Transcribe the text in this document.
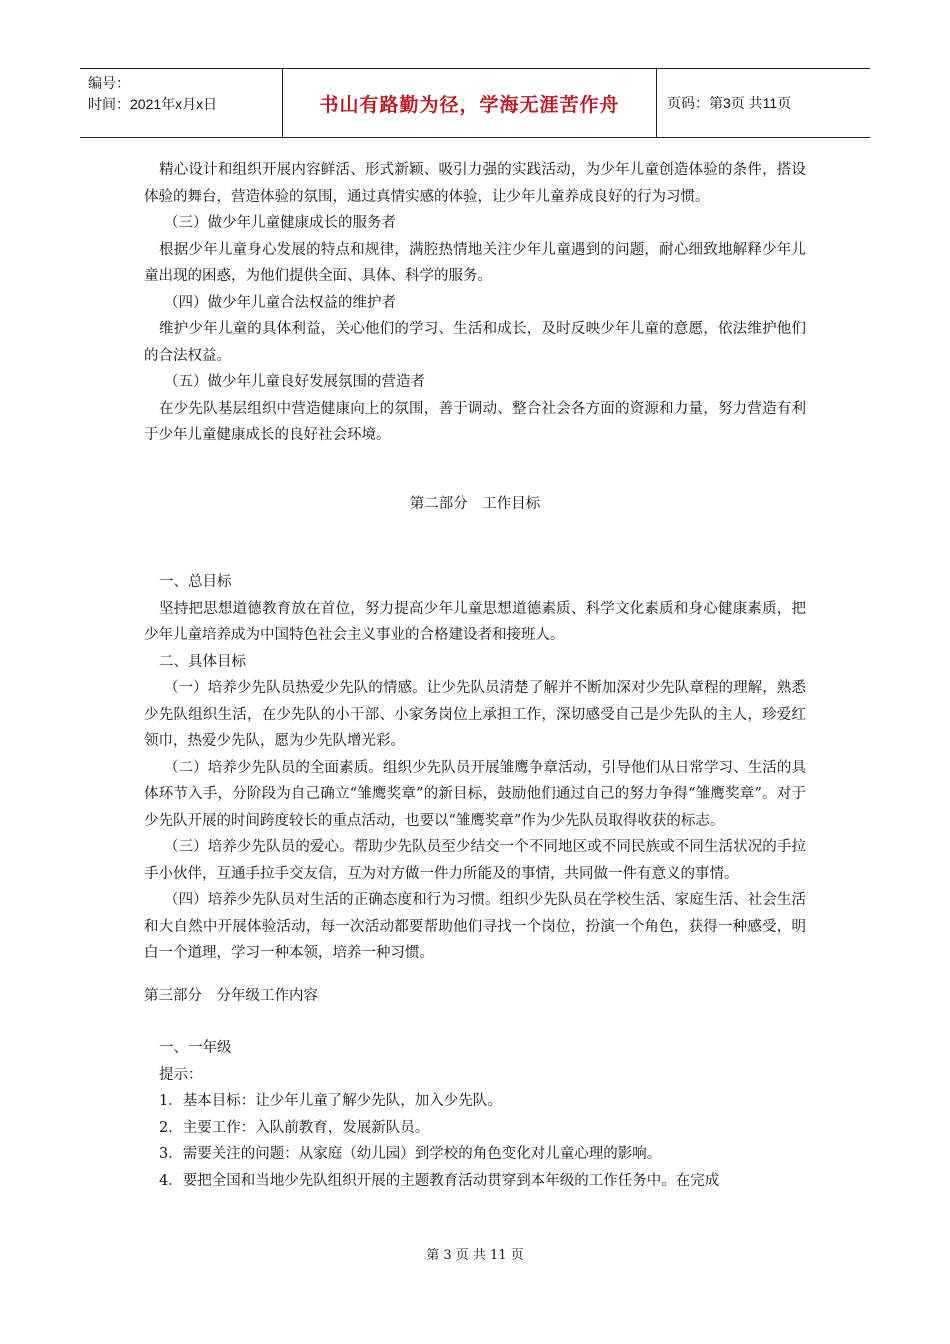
编号：
时间：2021年x月x日	书山有路勤为径，学海无涯苦作舟	页码：第3页 共11页

精心设计和组织开展内容鲜活、形式新颖、吸引力强的实践活动，为少年儿童创造体验的条件，搭设体验的舞台，营造体验的氛围，通过真情实感的体验，让少年儿童养成良好的行为习惯。

（三）做少年儿童健康成长的服务者

根据少年儿童身心发展的特点和规律，满腔热情地关注少年儿童遇到的问题，耐心细致地解释少年儿童出现的困惑，为他们提供全面、具体、科学的服务。

（四）做少年儿童合法权益的维护者

维护少年儿童的具体利益，关心他们的学习、生活和成长，及时反映少年儿童的意愿，依法维护他们的合法权益。

（五）做少年儿童良好发展氛围的营造者

在少先队基层组织中营造健康向上的氛围，善于调动、整合社会各方面的资源和力量，努力营造有利于少年儿童健康成长的良好社会环境。

第二部分　工作目标

一、总目标

坚持把思想道德教育放在首位，努力提高少年儿童思想道德素质、科学文化素质和身心健康素质，把少年儿童培养成为中国特色社会主义事业的合格建设者和接班人。

二、具体目标

（一）培养少先队员热爱少先队的情感。让少先队员清楚了解并不断加深对少先队章程的理解，熟悉少先队组织生活，在少先队的小干部、小家务岗位上承担工作，深切感受自己是少先队的主人，珍爱红领巾，热爱少先队，愿为少先队增光彩。

（二）培养少先队员的全面素质。组织少先队员开展雏鹰争章活动，引导他们从日常学习、生活的具体环节入手，分阶段为自己确立“雏鹰奖章”的新目标，鼓励他们通过自己的努力争得“雏鹰奖章”。对于少先队开展的时间跨度较长的重点活动，也要以“雏鹰奖章”作为少先队员取得收获的标志。

（三）培养少先队员的爱心。帮助少先队员至少结交一个不同地区或不同民族或不同生活状况的手拉手小伙伴，互通手拉手交友信，互为对方做一件力所能及的事情，共同做一件有意义的事情。

（四）培养少先队员对生活的正确态度和行为习惯。组织少先队员在学校生活、家庭生活、社会生活和大自然中开展体验活动，每一次活动都要帮助他们寻找一个岗位，扮演一个角色，获得一种感受，明白一个道理，学习一种本领，培养一种习惯。

第三部分　分年级工作内容

一、一年级

提示：

1．基本目标：让少年儿童了解少先队，加入少先队。

2．主要工作：入队前教育，发展新队员。

3．需要关注的问题：从家庭（幼儿园）到学校的角色变化对儿童心理的影响。

4．要把全国和当地少先队组织开展的主题教育活动贯穿到本年级的工作任务中。在完成

第 3 页 共 11 页
